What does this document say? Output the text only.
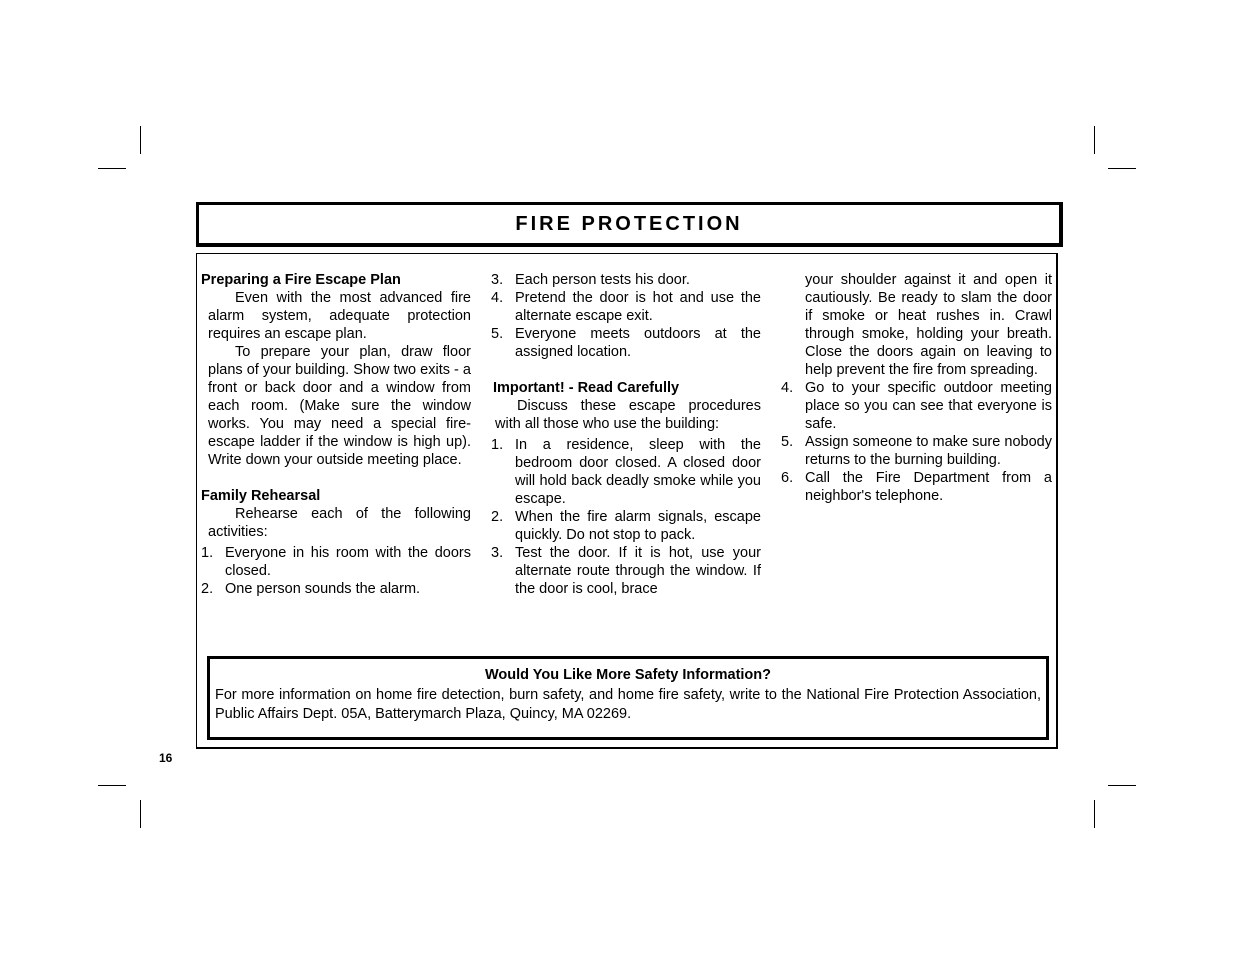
FIRE PROTECTION
Preparing a Fire Escape Plan

Even with the most advanced fire alarm system, adequate protection requires an escape plan.

To prepare your plan, draw floor plans of your building. Show two exits - a front or back door and a window from each room. (Make sure the window works. You may need a special fire-escape ladder if the window is high up). Write down your outside meeting place.

Family Rehearsal

Rehearse each of the following activities:

1. Everyone in his room with the doors closed.
2. One person sounds the alarm.
3. Each person tests his door.
4. Pretend the door is hot and use the alternate escape exit.
5. Everyone meets outdoors at the assigned location.
Important! - Read Carefully

Discuss these escape procedures with all those who use the building:

1. In a residence, sleep with the bedroom door closed. A closed door will hold back deadly smoke while you escape.
2. When the fire alarm signals, escape quickly. Do not stop to pack.
3. Test the door. If it is hot, use your alternate route through the window. If the door is cool, brace

your shoulder against it and open it cautiously. Be ready to slam the door if smoke or heat rushes in. Crawl through smoke, holding your breath. Close the doors again on leaving to help prevent the fire from spreading.

4. Go to your specific outdoor meeting place so you can see that everyone is safe.
5. Assign someone to make sure nobody returns to the burning building.
6. Call the Fire Department from a neighbor's telephone.
Would You Like More Safety Information?
For more information on home fire detection, burn safety, and home fire safety, write to the National Fire Protection Association, Public Affairs Dept. 05A, Batterymarch Plaza, Quincy, MA 02269.
16
